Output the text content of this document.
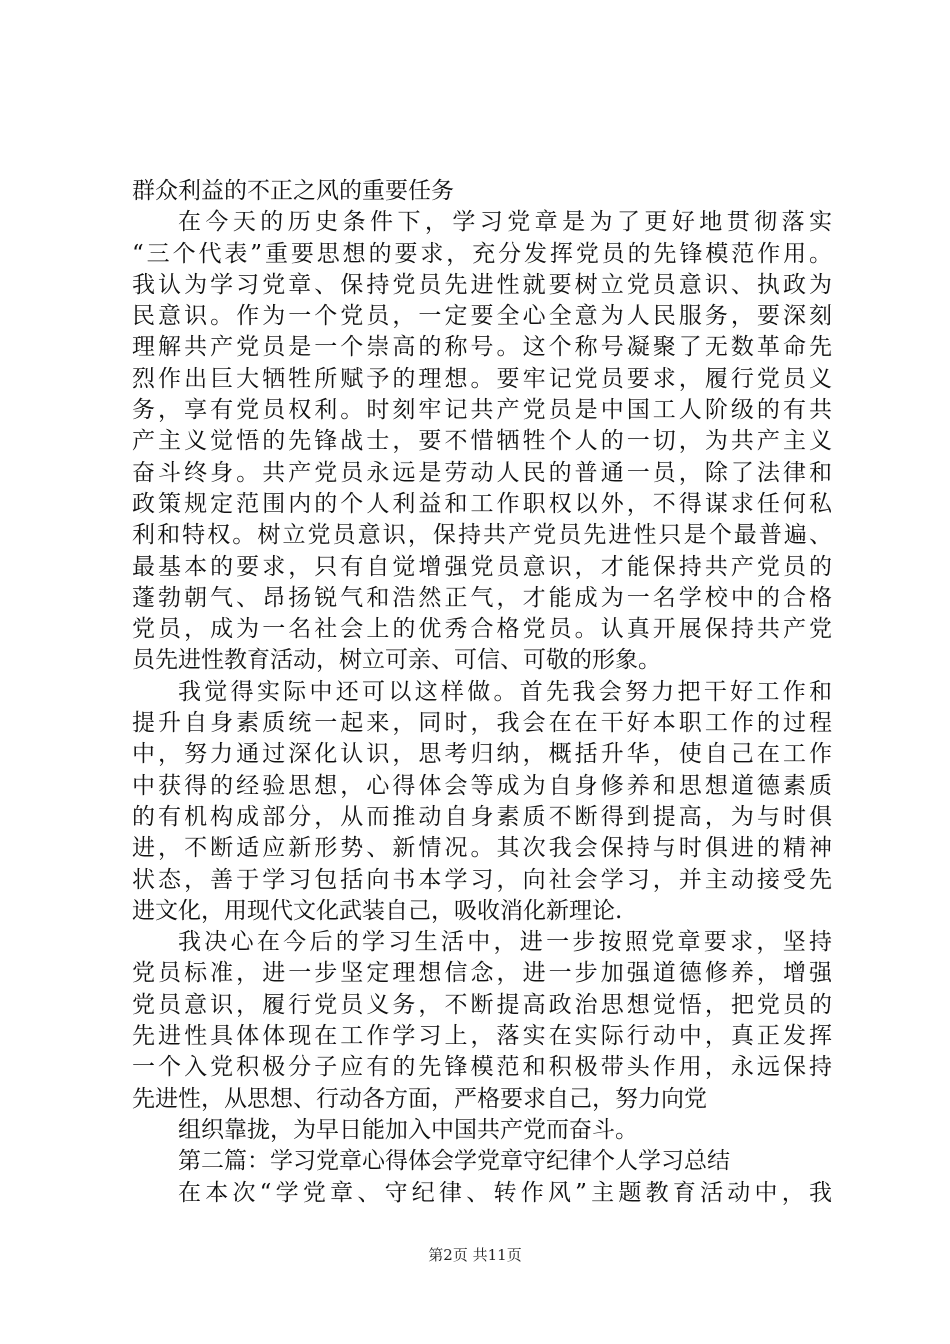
群众利益的不正之风的重要任务
在今天的历史条件下，学习党章是为了更好地贯彻落实
“三个代表”重要思想的要求，充分发挥党员的先锋模范作用。
我认为学习党章、保持党员先进性就要树立党员意识、执政为
民意识。作为一个党员，一定要全心全意为人民服务，要深刻
理解共产党员是一个崇高的称号。这个称号凝聚了无数革命先
烈作出巨大牺牲所赋予的理想。要牢记党员要求，履行党员义
务，享有党员权利。时刻牢记共产党员是中国工人阶级的有共
产主义觉悟的先锋战士，要不惜牺牲个人的一切，为共产主义
奋斗终身。共产党员永远是劳动人民的普通一员，除了法律和
政策规定范围内的个人利益和工作职权以外，不得谋求任何私
利和特权。树立党员意识，保持共产党员先进性只是个最普遍、
最基本的要求，只有自觉增强党员意识，才能保持共产党员的
蓬勃朝气、昂扬锐气和浩然正气，才能成为一名学校中的合格
党员，成为一名社会上的优秀合格党员。认真开展保持共产党
员先进性教育活动，树立可亲、可信、可敬的形象。
我觉得实际中还可以这样做。首先我会努力把干好工作和
提升自身素质统一起来，同时，我会在在干好本职工作的过程
中，努力通过深化认识，思考归纳，概括升华，使自己在工作
中获得的经验思想，心得体会等成为自身修养和思想道德素质
的有机构成部分，从而推动自身素质不断得到提高，为与时俱
进，不断适应新形势、新情况。其次我会保持与时俱进的精神
状态，善于学习包括向书本学习，向社会学习，并主动接受先
进文化，用现代文化武装自己，吸收消化新理论.
我决心在今后的学习生活中，进一步按照党章要求，坚持
党员标准，进一步坚定理想信念，进一步加强道德修养，增强
党员意识，履行党员义务，不断提高政治思想觉悟，把党员的
先进性具体体现在工作学习上，落实在实际行动中，真正发挥
一个入党积极分子应有的先锋模范和积极带头作用，永远保持
先进性，从思想、行动各方面，严格要求自己，努力向党
组织靠拢，为早日能加入中国共产党而奋斗。
第二篇：学习党章心得体会学党章守纪律个人学习总结
在本次“学党章、守纪律、转作风”主题教育活动中，我
第2页 共11页
